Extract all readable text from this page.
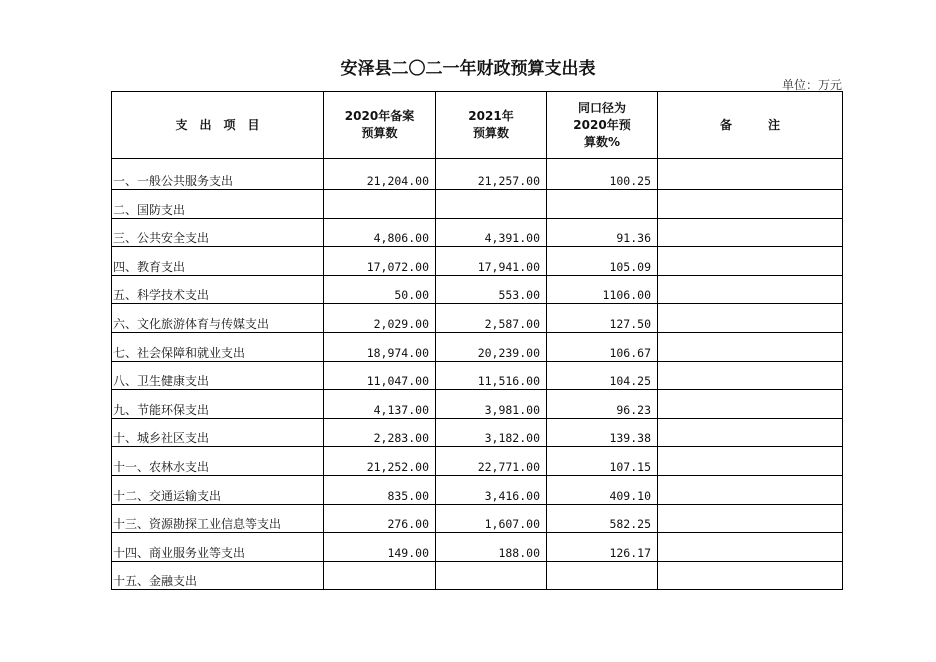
安泽县二〇二一年财政预算支出表
单位：万元
支　出　项　目	2020年备案预算数	2021年预算数	同口径为2020年预算数%	备　　　注
一、一般公共服务支出	21,204.00	21,257.00	100.25	
二、国防支出				
三、公共安全支出	4,806.00	4,391.00	91.36	
四、教育支出	17,072.00	17,941.00	105.09	
五、科学技术支出	50.00	553.00	1106.00	
六、文化旅游体育与传媒支出	2,029.00	2,587.00	127.50	
七、社会保障和就业支出	18,974.00	20,239.00	106.67	
八、卫生健康支出	11,047.00	11,516.00	104.25	
九、节能环保支出	4,137.00	3,981.00	96.23	
十、城乡社区支出	2,283.00	3,182.00	139.38	
十一、农林水支出	21,252.00	22,771.00	107.15	
十二、交通运输支出	835.00	3,416.00	409.10	
十三、资源勘探工业信息等支出	276.00	1,607.00	582.25	
十四、商业服务业等支出	149.00	188.00	126.17	
十五、金融支出				
